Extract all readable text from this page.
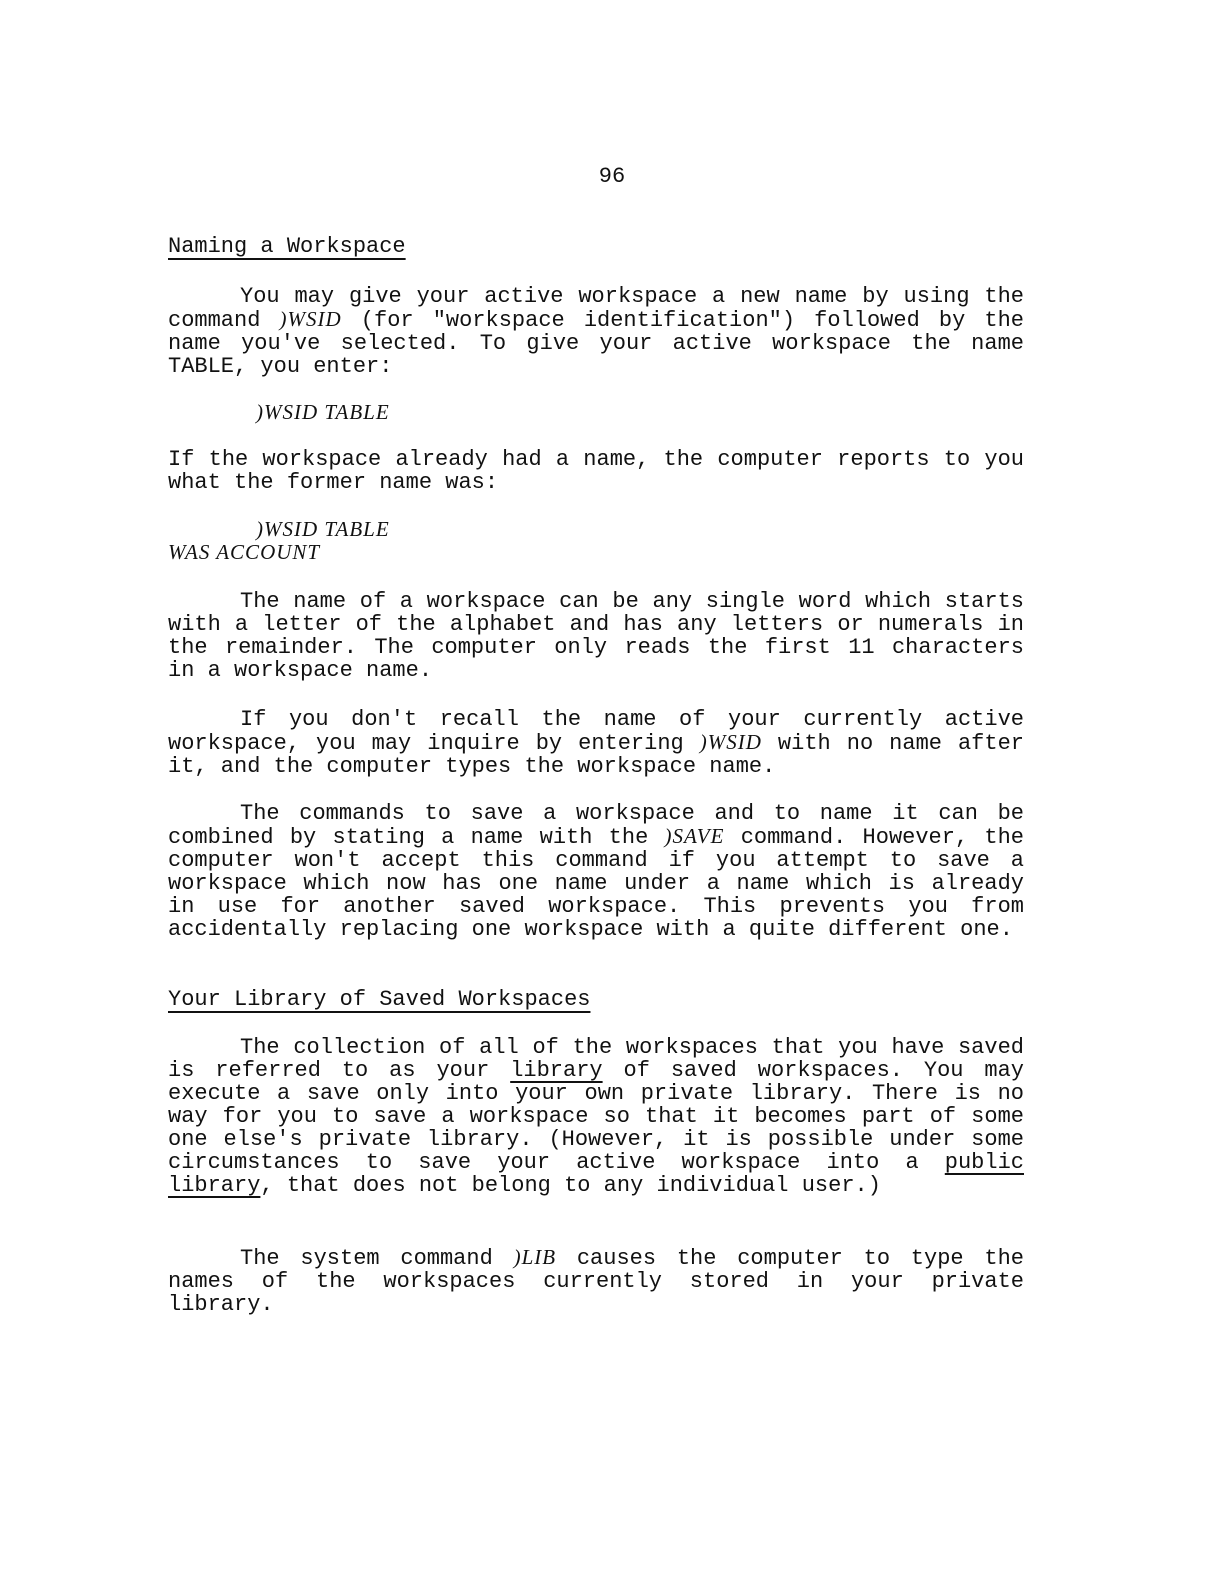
96
Naming a Workspace

You may give your active workspace a new name by using the command )WSID (for "workspace identification") followed by the name you've selected. To give your active workspace the name TABLE, you enter:

)WSID TABLE

If the workspace already had a name, the computer reports to you what the former name was:

)WSID TABLE
WAS ACCOUNT

The name of a workspace can be any single word which starts with a letter of the alphabet and has any letters or numerals in the remainder. The computer only reads the first 11 characters in a workspace name.

If you don't recall the name of your currently active workspace, you may inquire by entering )WSID with no name after it, and the computer types the workspace name.

The commands to save a workspace and to name it can be combined by stating a name with the )SAVE command. However, the computer won't accept this command if you attempt to save a workspace which now has one name under a name which is already in use for another saved workspace. This prevents you from accidentally replacing one workspace with a quite different one.

Your Library of Saved Workspaces

The collection of all of the workspaces that you have saved is referred to as your library of saved workspaces. You may execute a save only into your own private library. There is no way for you to save a workspace so that it becomes part of some one else's private library. (However, it is possible under some circumstances to save your active workspace into a public library, that does not belong to any individual user.)

The system command )LIB causes the computer to type the names of the workspaces currently stored in your private library.
